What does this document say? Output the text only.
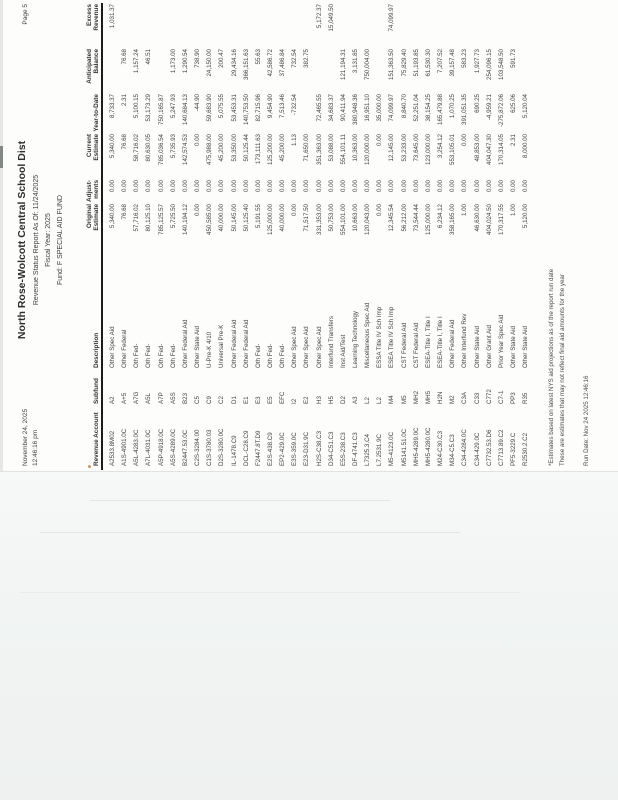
November 24, 2025 12:46:16 pm
North Rose-Wolcott Central School Dist Revenue Status Report As Of: 11/24/2025 Fiscal Year: 2025 Fund: F SPECIAL AID FUND
Page 5
Revenue Account
Subfund
Description
Original
Estimate
Adjust-
ments
Current
Estimate
Year-to-Date
Anticipated
Balance
Excess
Revenue
A2533.8M02
A2
Other Spec Aid
5,340.00
0.00
5,340.00
8,733.37
1,031.37
A1S-4901.0C
A+5
Other Federal
76.68
0.00
76.68
2.31
76.68
A5L-4283.0C
A7G
Oth Fed-
57,716.02
0.00
58,716.02
5,100.15
1,157.24
A7L-4031.0C
A5L
Oth Fed-
80,125.10
0.00
80,630.05
53,173.29
46.51
A5P-4918.0C
A7P
Oth Fed-
785,125.57
0.00
785,036.54
750,165.87
A5S-4289.0C
A5S
Oth Fed-
5,725.50
0.00
5,735.93
5,247.93
1,173.00
B2447.53.0C
B23
Other Federal Aid
140,194.12
0.00
142,574.53
140,684.13
1,290.54
C2S-3284.00
C5
Other State Aid
0.00
0.00
0.00
-44.90
738.90
C1S-3780.03
C9
U-Pre-K 4/10
450,585.00
0.00
475,988.00
59,683.90
24,150.00
D2S-3280.0C
C2
Universal Pre-K
40,000.00
0.00
45,200.00
5,075.55
200.47
IL-1478.C9
D1
Other Federal Aid
50,145.00
0.00
53,350.00
53,453.31
29,434.16
DCL-C28.C9
E1
Other Federal Aid
50,125.40
0.00
50,125.44
140,753.50
366,151.63
F2447.8T.D9
E3
Oth Fed-
5,191.55
0.00
173,111.63
82,715.96
55.63
E2S-438.C9
E5
Oth Fed-
125,000.00
0.00
125,200.00
9,454.90
42,586.72
EP2-429.0C
EFC
Oth Fed-
40,000.00
0.00
45,200.00
7,513.46
37,486.84
E3S-359.0C
I2
Other Spec Aid
0.00
0.00
1.13
-732.54
732.54
E23-D31.9C
E2
Other Spec Aid
71,517.50
0.00
71,650.00
382.75
H2S-C38.C3
H3
Other Spec Aid
331,353.00
0.00
351,363.00
72,465.55
5,172.37
D34-C51.C3
H5
Interfund Transfers
50,753.00
0.00
53,088.00
34,683.37
15,049.50
E5S-238.C3
D2
Inst Aid/Test
554,101.00
0.00
554,101.11
90,411.94
121,194.31
DF-4741.C3
A3
Learning Technology
10,663.00
0.00
10,363.00
380,948.36
3,131.85
L7325.3.C4
L2
Miscellaneous Spec Aid
120,043.00
0.00
120,000.00
16,951.10
750,004.00
L7.2531.9C
L2
ESSA Title IV Sch Imp
0.00
0.00
0.00
35,000.00
M5-4123.0C
M4
ESEA Title IV Sch Imp
12,345.54
0.00
12,145.00
74,099.97
151,363.50
74,099.97
M5141.51.0C
M5
CST Federal Aid
56,212.00
0.00
53,233.00
8,840.70
75,829.40
MH5-4289.0C
MH2
CST Federal Aid
73,544.44
0.00
73,645.00
52,251.04
51,193.85
MH5-4280.0C
MH5
ESEA-Title I, Title I
125,000.00
0.00
123,000.00
38,154.25
61,530.30
M24-C30.C3
H2N
ESEA-Title I, Title I
6,234.12
0.00
3,254.12
165,479.88
7,207.52
M34-C5.C3
M2
Other Federal Aid
358,165.00
0.00
553,105.01
1,070.25
39,157.48
C34-4284.0C
C3A
Other Interfund Rev
1.00
0.00
0.00
391,051.35
583.23
C34-429.0C
C33
Other State Aid
46,630.00
0.00
48,853.00
690.25
1,927.73
C7732.53.D6
C772
Other Grant Aid
404,024.50
0.00
404,047.30
-4,959.21
254,096.15
C7713.89.C2
C7-1
Prior Year Spec Aid
170,317.55
0.00
170,314.05
-275,872.06
103,548.50
PF5-3229.C
PP3
Other State Aid
1.00
0.00
2.31
625.06
591.73
R2530.2.C2
R35
Other State Aid
5,120.00
0.00
8,000.00
5,120.04
*Estimates based on latest NYS aid projections as of the report run date These are estimates that may not reflect final aid amounts for the year	Run Date: Nov 24 2025 12:46:16
